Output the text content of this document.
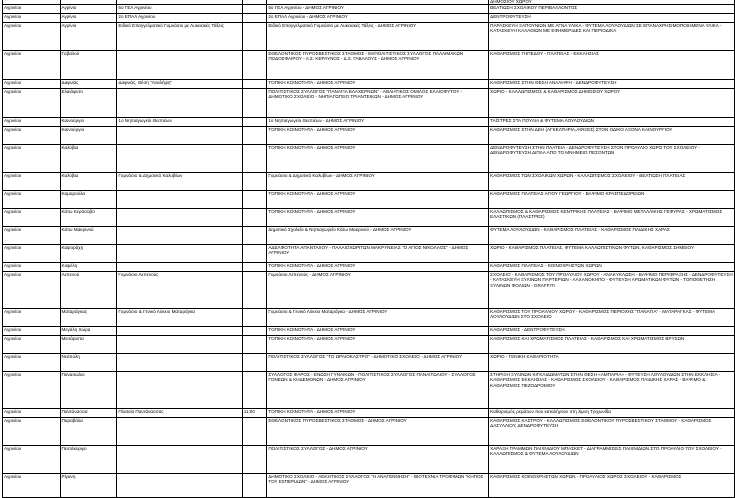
					ΔΗΜΟΣΙΟΥ ΧΩΡΟΥ
Αγρινίου	Αγρίνιο	5ο ΓΕΛ Αγρινίου		5ο ΓΕΛ Αγρινίου - ΔΗΜΟΣ ΑΓΡΙΝΙΟΥ	ΒΕΛΤΙΩΣΗ ΣΧΟΛΙΚΟΥ ΠΕΡΙΒΑΛΛΟΝΤΟΣ
Αγρινίου	Αγρίνιο	2ο ΕΠΑΛ Αγρινίου		2ο ΕΠΑΛ Αγρινίου - ΔΗΜΟΣ ΑΓΡΙΝΙΟΥ	ΔΕΝΤΡΟΦΥΤΕΥΣΗ
Αγρινίου	Αγρίνιο	Ειδικό Επαγγελματικό Γυμνάσιο με Λυκειακές Τάξεις		Ειδικό Επαγγελματικό Γυμνάσιο με Λυκειακές Τάξεις - ΔΗΜΟΣ ΑΓΡΙΝΙΟΥ	ΠΑΡΑΣΚΕΥΗ ΞΑΠΟΥΝΙΩΝ ΜΕ ΑΓΝΑ ΥΛΙΚΑ - ΦΥΤΕΜΑ ΛΟΥΛΟΥΔΙΩΝ ΣΕ ΕΠΑΝΑΧΡΗΣΙΜΟΠΟΙΗΜΕΝΑ ΥΛΙΚΑ - ΚΑΤΑΣΚΕΥΗ ΚΑΛΑΘΙΩΝ ΜΕ ΕΦΗΜΕΡΙΔΕΣ ΚΑΙ ΠΕΡΙΟΔΙΚΑ
Αγρινίου	Γαβαλού			ΕΘΕΛΟΝΤΙΚΟΣ ΠΥΡΟΣΒΕΣΤΙΚΟΣ ΣΤΑΘΜΟΣ - ΕΚΠΟΛΙΤΙΣΤΙΚΟΣ ΣΥΛΛΟΓΟΣ ΠΑΛΑΙΜΑΚΩΝ ΠΟΔΟΣΦΑΙΡΟΥ - Α.Σ. ΚΕΡΑΥΝΟΣ - Δ.Σ. ΓΑΒΑΛΟΥΣ - ΔΗΜΟΣ ΑΓΡΙΝΙΟΥ	ΚΑΘΑΡΙΣΜΟΣ ΓΗΠΕΔΟΥ - ΠΛΑΤΕΙΑΣ - ΕΚΚΛΗΣΙΑΣ
Αγρινίου	Δαφνιάς	Δαφνιάς, Θέση "Αναλήψη"		ΤΟΠΙΚΗ ΚΟΙΝΟΤΗΤΑ - ΔΗΜΟΣ ΑΓΡΙΝΙΟΥ	ΚΑΘΑΡΙΣΜΟΣ ΣΤΗΝ ΘΕΣΗ ΑΝΑΛΗΨΗ - ΔΕΝΔΡΟΦΥΤΕΥΣΗ
Αγρινίου	Ελαιόφυτο			ΠΟΛΙΤΙΣΤΙΚΟΣ ΣΥΛΛΟΓΟΣ "ΠΑΝΑΓΙΑ ΒΛΑΧΕΡΝΩΝ" - ΑΘΛΗΤΙΚΟΣ ΟΜΙΛΟΣ ΕΛΑΙΟΦΥΤΟΥ - ΔΗΜΟΤΙΚΟ ΣΧΟΛΕΙΟ - ΝΗΠΙΑΓΩΓΕΙΟ ΤΡΙΑΝΤΕΙΚΩΝ - ΔΗΜΟΣ ΑΓΡΙΝΙΟΥ	ΧΩΡΙΟ - ΚΑΛΛΩΠΙΣΜΟΣ & ΚΑΘΑΡΙΣΜΟΣ ΔΗΜΟΣΙΟΥ ΧΩΡΟΥ
Αγρινίου	Καινούργιο	1ο Νηπιαγωγείο Θεστιέων		1ο Νηπιαγωγείο Θεστιέων - ΔΗΜΟΣ ΑΓΡΙΝΙΟΥ	ΤΑΪΣΤΡΕΣ ΣΤΑ ΠΟΥΛΙΑ & ΦΥΤΕΜΑ ΛΟΥΛΟΥΔΙΩΝ
Αγρινίου	Καινούργιο			ΤΟΠΙΚΗ ΚΟΙΝΟΤΗΤΑ - ΔΗΜΟΣ ΑΓΡΙΝΙΟΥ	ΚΑΘΑΡΙΣΜΟΣ ΣΤΗΝ ΔΕΗ (ΑΓΚΕΛΤΗΡΙΑ,ΑΦΙΞΕΣ) ΣΤΟΝ ΟΔΙΚΟ ΑΞΟΝΑ ΚΑΙΝΟΥΡΓΙΟΥ
Αγρινίου	Καλύβια			ΤΟΠΙΚΗ ΚΟΙΝΟΤΗΤΑ - ΔΗΜΟΣ ΑΓΡΙΝΙΟΥ	ΔΕΝΔΡΟΦΥΤΕΥΣΗ ΣΤΗΝ ΠΛΑΤΕΙΑ - ΔΕΝΔΡΟΦΥΤΕΥΣΗ ΣΤΟΝ ΠΡΟΑΥΛΙΟ ΧΩΡΟ ΤΟΥ ΣΧΟΛΕΙΟΥ - ΔΕΝΔΡΟΦΥΤΕΥΣΗ ΔΙΠΛΑ ΑΠΟ ΤΟ ΜΝΗΜΕΙΟ ΠΕΣΟΝΤΩΝ
Αγρινίου	Καλύβια	Γυμνάσιο & Δημοτικό Καλυβίων		Γυμνάσιο & Δημοτικό Καλυβίων - ΔΗΜΟΣ ΑΓΡΙΝΙΟΥ	ΚΑΘΑΡΙΣΜΟΣ ΤΩΝ ΣΧΟΛΙΚΩΝ ΧΩΡΩΝ - ΚΑΛΛΩΠΙΣΜΟΣ ΣΧΟΛΕΙΟΥ - ΒΕΛΤΙΩΣΗ ΠΛΑΤΕΙΑΣ
Αγρινίου	Καμαρούλα			ΤΟΠΙΚΗ ΚΟΙΝΟΤΗΤΑ - ΔΗΜΟΣ ΑΓΡΙΝΙΟΥ	ΚΑΘΑΡΙΣΜΟΣ ΠΛΑΤΕΙΑΣ ΑΓΙΟΥ ΓΕΩΡΓΙΟΥ - ΒΑΨΙΜΟ ΚΡΑΣΠΕΔΟΡΕΙΩΝ
Αγρινίου	Κάτω Κεράσοβο			ΤΟΠΙΚΗ ΚΟΙΝΟΤΗΤΑ - ΔΗΜΟΣ ΑΓΡΙΝΙΟΥ	ΚΑΛΛΩΠΙΣΜΟΣ & ΚΑΘΑΡΙΣΜΟΣ ΚΕΝΤΡΙΚΗΣ ΠΛΑΤΕΙΑΣ - ΒΑΨΙΜΟ ΜΕΤΑΛΛΙΚΗΣ ΓΕΦΥΡΑΣ - ΧΡΩΜΑΤΙΣΜΟΣ ΕΛΑΣΤΙΚΩΝ (ΠΛΑΣΤΡΕΣ)
Αγρινίου	Κάτω Μακρινού			Δημοτικό Σχολείο & Νηπιαγωγείο Κάτω Μακρινού - ΔΗΜΟΣ ΑΓΡΙΝΙΟΥ	ΦΥΤΕΜΑ ΛΟΥΛΟΥΔΙΩΝ - ΚΑΘΑΡΙΣΜΟΣ ΠΛΑΤΕΙΑΣ - ΚΑΘΑΡΙΣΜΟΣ ΠΑΙΔΙΚΗΣ ΧΑΡΑΣ
Αγρινίου	Καψοράχη			ΑΔΕΛΦΟΤΗΤΑ ΑΠΑΝΤΑΧΟΥ - ΠΑΛΑΙΟΧΩΡΙΤΩΝ ΜΑΚΡΥΝΕΙΑΣ "Ο ΑΓΙΟΣ ΝΙΚΟΛΑΟΣ" - ΔΗΜΟΣ ΑΓΡΙΝΙΟΥ	ΧΩΡΙΟ - ΚΑΘΑΡΙΣΜΟΣ ΠΛΑΤΕΙΑΣ, ΦΥΤΕΜΑ ΚΑΛΛΩΠΙΣΤΙΚΩΝ ΦΥΤΩΝ, ΚΑΘΑΡΙΣΜΟΣ ΣΗΜΕΙΟΥ
Αγρινίου	Κυψέλη			ΤΟΠΙΚΗ ΚΟΙΝΟΤΗΤΑ - ΔΗΜΟΣ ΑΓΡΙΝΙΟΥ	ΚΑΘΑΡΙΣΜΟΣ ΠΛΑΤΕΙΑΣ - ΚΟΙΝΟΧΡΗΣΤΩΝ ΧΩΡΩΝ
Αγρινίου	Λεπενού	Γυμνάσιο Λεπενούς		Γυμνάσιο Λεπενούς - ΔΗΜΟΣ ΑΓΡΙΝΙΟΥ	ΣΧΟΛΕΙΟ - ΚΑΘΑΡΙΣΜΟΣ ΤΟΥ ΠΡΟΑΥΛΙΟΥ ΧΩΡΟΥ - ΑΝΑΚΥΚΛΩΣΗ - ΒΑΨΙΜΟ ΠΕΡΙΦΡΑΞΗΣ - ΔΕΝΔΡΟΦΥΤΕΥΣΗ - ΚΑΤΑΣΚΕΥΗ ΞΥΛΙΝΩΝ ΠΑΡΤΕΡΙΩΝ - ΛΑΧΑΝΟΚΗΠΟ - ΦΥΤΕΥΣΗ ΑΡΩΜΑΤΙΚΩΝ ΦΥΤΩΝ - ΤΟΠΟΘΕΤΗΣΗ ΞΥΛΙΝΩΝ ΦΟΛΙΩΝ - GRAFFITI
Αγρινίου	Ματαράγκας	Γυμνάσιο & Γενικό Λύκειο Ματαράγκα		Γυμνάσιο & Γενικό Λύκειο Ματαράγκα - ΔΗΜΟΣ ΑΓΡΙΝΙΟΥ	ΚΑΘΑΡΙΣΜΟΣ ΤΟΥ ΠΡΟΑΥΛΙΟΥ ΧΩΡΟΥ - ΚΑΘΑΡΙΣΜΟΣ ΠΕΡΙΟΧΗΣ "ΠΑΝΑΓΙΑ" - ΜΑΤΑΡΑΓΚΑΣ - ΦΥΤΕΜΑ ΛΟΥΛΟΥΔΙΩΝ ΣΤΟ ΣΧΟΛΕΙΟ
Αγρινίου	Μεγάλη Χώρα			ΤΟΠΙΚΗ ΚΟΙΝΟΤΗΤΑ - ΔΗΜΟΣ ΑΓΡΙΝΙΟΥ	ΚΑΘΑΡΙΣΜΟΣ - ΔΕΝΤΡΟΦΥΤΕΥΣΗ
Αγρινίου	Μεσάριστα			ΤΟΠΙΚΗ ΚΟΙΝΟΤΗΤΑ - ΔΗΜΟΣ ΑΓΡΙΝΙΟΥ	ΚΑΘΑΡΙΣΜΟΣ ΚΑΙ ΧΡΩΜΑΤΙΣΜΟΣ ΠΛΑΤΕΙΑΣ - ΚΑΘΑΡΙΣΜΟΣ ΚΑΙ ΧΡΩΜΑΤΙΣΜΟΣ ΒΡΥΣΩΝ
Αγρινίου	Νεάπολη			ΠΟΛΙΤΙΣΤΙΚΟΣ ΣΥΛΛΟΓΟΣ "ΤΟ ΩΡΑΙΟΚΑΣΤΡΟ" - ΔΗΜΟΤΙΚΟ ΣΧΟΛΕΙΟ - ΔΗΜΟΣ ΑΓΡΙΝΙΟΥ	ΧΩΡΙΟ - ΓΕΝΙΚΗ ΚΑΘΑΡΙΟΤΗΤΑ
Αγρινίου	Παναιτώλιο			ΣΥΛΛΟΓΟΣ ΦΑΡΟΣ - ΕΝΩΣΗ ΓΥΝΑΙΚΩΝ - ΠΟΛΙΤΙΣΤΙΚΟΣ ΣΥΛΛΟΓΟΣ ΠΑΝΑΙΤΩΛΙΟΥ - ΣΥΛΛΟΓΟΣ ΓΟΝΕΩΝ & ΚΗΔΕΜΟΝΩΝ - ΔΗΜΟΣ ΑΓΡΙΝΙΟΥ	ΣΤΗΡΙΞΗ ΞΥΛΙΝΩΝ ΚΙΓΚΛΙΔΩΜΑΤΩΝ ΣΤΗΝ ΘΕΣΗ «ΑΜΠΑΡΙΑ» - ΦΥΤΕΥΣΗ ΛΟΥΛΟΥΔΙΩΝ ΣΤΗΝ ΕΚΚΛΗΣΙΑ - ΚΑΘΑΡΙΣΜΟΣ ΕΚΚΛΗΣΙΑΣ - ΚΑΘΑΡΙΣΜΟΣ ΣΧΟΛΕΙΟΥ - ΚΑΘΑΡΙΣΜΟΣ ΠΑΙΔΙΚΗΣ ΧΑΡΑΣ - ΒΑΨΙΜΟ & ΚΑΘΑΡΙΣΜΟΣ ΠΕΖΟΔΡΟΜΙΟΥ
Αγρινίου	Παντάνασσα	Πλατεία Παντάνασσας	11:00	ΤΟΠΙΚΗ ΚΟΙΝΟΤΗΤΑ - ΔΗΜΟΣ ΑΓΡΙΝΙΟΥ	Καθαρισμός ρεμάτων που καταλήγουν στη λίμνη Τριχωνίδα
Αγρινίου	Παραβόλα			ΕΘΕΛΟΝΤΙΚΟΣ ΠΥΡΟΣΒΕΣΤΙΚΟΣ ΣΤΑΘΜΟΣ - ΔΗΜΟΣ ΑΓΡΙΝΙΟΥ	ΚΑΘΑΡΙΣΜΟΣ ΚΑΣΤΡΟΥ - ΚΑΛΛΩΠΙΣΜΟΣ ΕΘΕΛΟΝΤΙΚΟΥ ΠΥΡΟΣΒΕΣΤΙΚΟΥ ΣΤΑΘΜΟΥ - ΚΑΘΑΡΙΣΜΟΣ ΔΑΣΥΛΛΙΟΥ, ΔΕΝΔΡΟΦΥΤΕΥΣΗ
Αγρινίου	Πεντάκορφο			ΠΟΛΙΤΙΣΤΙΚΟΣ ΣΥΛΛΟΓΟΣ - ΔΗΜΟΣ ΑΓΡΙΝΙΟΥ	ΧΑΡΑΞΗ ΓΡΑΜΜΩΝ ΠΑΙΧΝΙΔΙΟΥ ΜΠΑΣΚΕΤ - ΔΙΑΓΡΑΜΜΙΣΕΙΣ ΠΑΙΧΝΙΔΙΩΝ ΣΤΟ ΠΡΟΑΥΛΙΟ ΤΟΥ ΣΧΟΛΕΙΟΥ - ΚΑΛΛΩΠΙΣΜΟΣ & ΦΥΤΕΜΑ ΛΟΥΛΟΥΔΙΩΝ
Αγρινίου	Ρίγανη			ΔΗΜΟΤΙΚΟ ΣΧΟΛΕΙΟ - ΑΘΛΗΤΙΚΟΣ ΣΥΛΛΟΓΟΣ "Η ΑΝΑΓΕΝΝΗΣΗ" - ΒΙΟΤΕΧΝΙΑ ΤΡΟΦΙΜΩΝ "ΚΗΠΟΣ ΤΟΥ ΕΣΠΕΡΙΔΩΝ" - ΔΗΜΟΣ ΑΓΡΙΝΙΟΥ	ΚΑΘΑΡΙΣΜΟΣ ΚΟΙΝΟΧΡΗΣΤΩΝ ΧΩΡΩΝ - ΠΡΟΑΥΛΙΟΣ ΧΩΡΟΣ ΣΧΟΛΕΙΟΥ - ΚΑΘΑΡΙΣΜΟΣ
